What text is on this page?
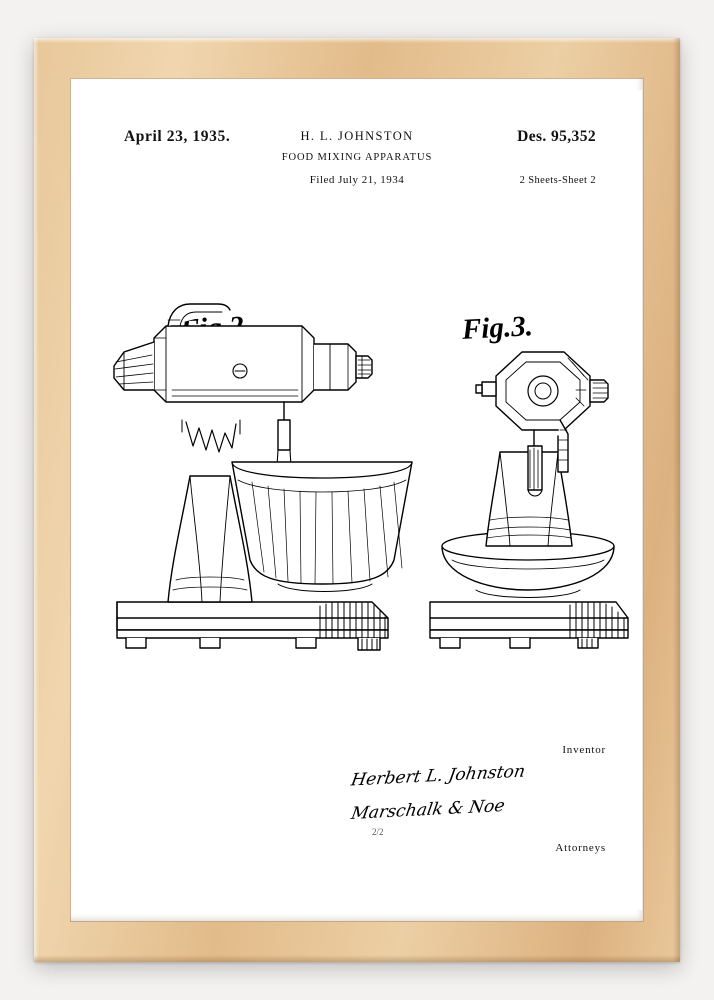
April 23, 1935.	H. L. JOHNSTON	Des. 95,352
FOOD MIXING APPARATUS
Filed July 21, 1934	2 Sheets-Sheet 2
Fig.3.
2/2
Inventor
Herbert L. Johnston
Marschalk & Noe
Attorneys
